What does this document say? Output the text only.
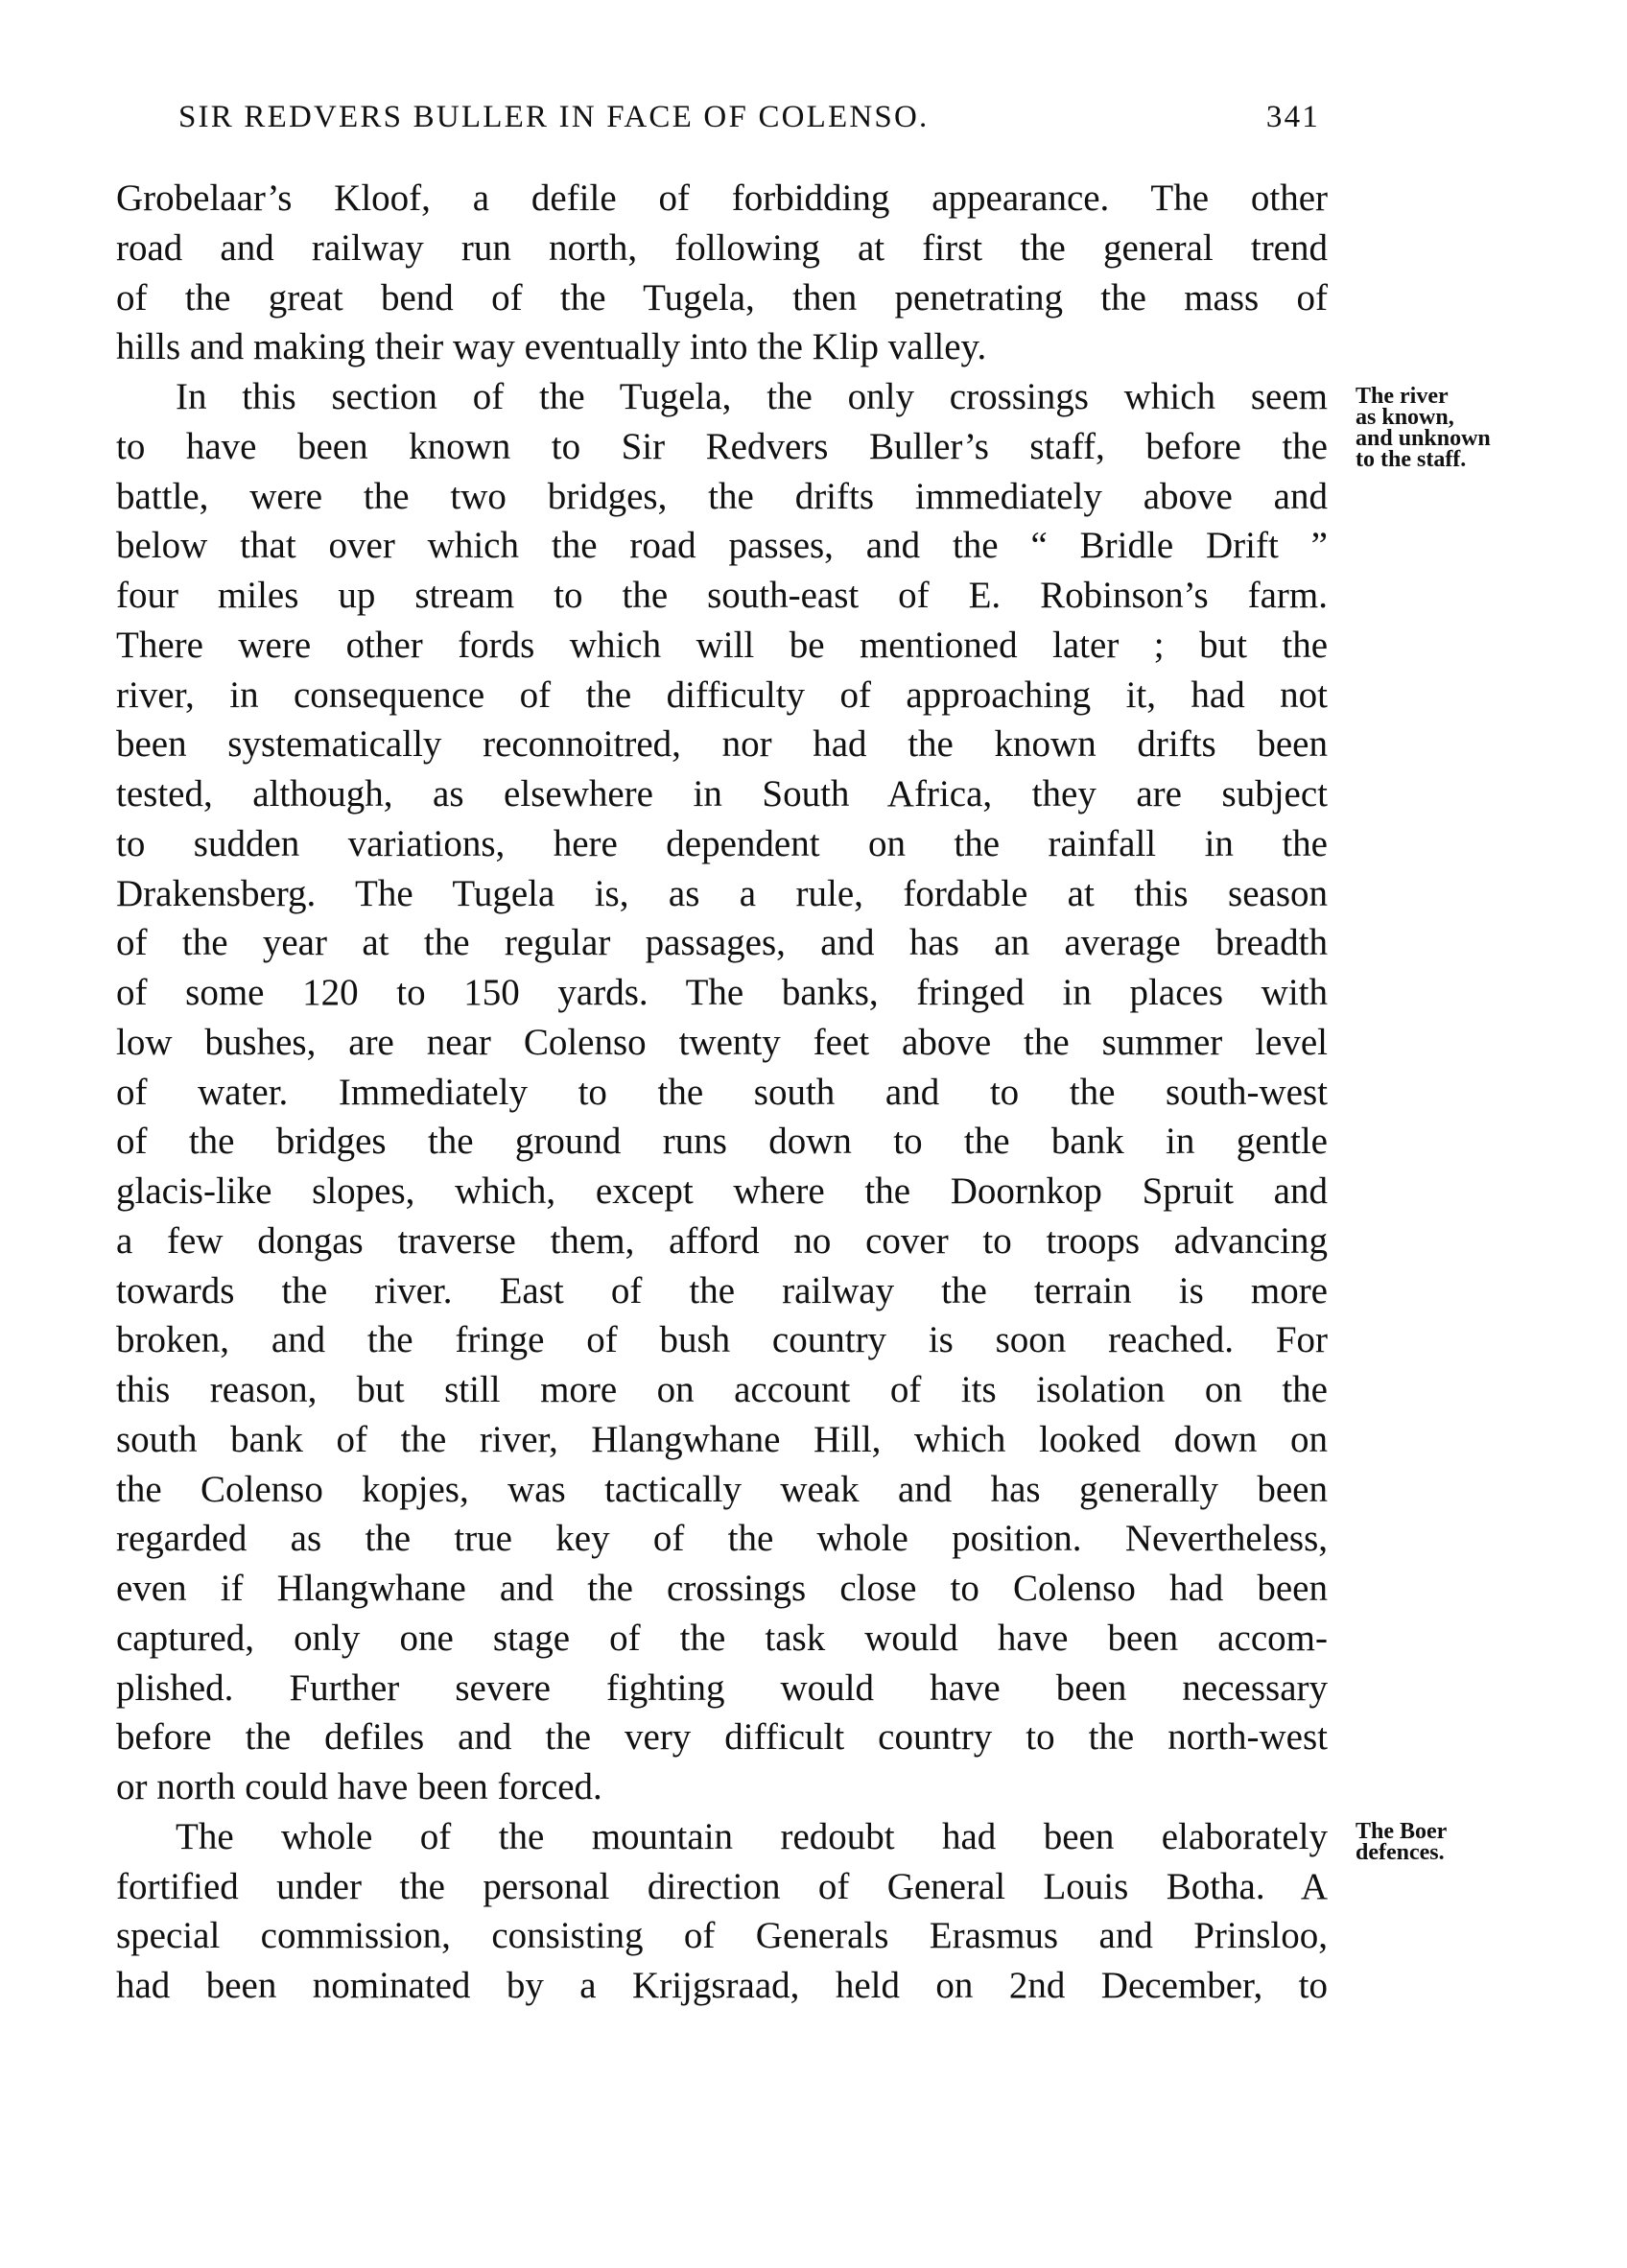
SIR REDVERS BULLER IN FACE OF COLENSO.	341
Grobelaar’s Kloof, a defile of forbidding appearance. The other
road and railway run north, following at first the general trend
of the great bend of the Tugela, then penetrating the mass of
hills and making their way eventually into the Klip valley.
In this section of the Tugela, the only crossings which seem
to have been known to Sir Redvers Buller’s staff, before the
battle, were the two bridges, the drifts immediately above and
below that over which the road passes, and the “ Bridle Drift ”
four miles up stream to the south-east of E. Robinson’s farm.
There were other fords which will be mentioned later ; but the
river, in consequence of the difficulty of approaching it, had not
been systematically reconnoitred, nor had the known drifts been
tested, although, as elsewhere in South Africa, they are subject
to sudden variations, here dependent on the rainfall in the
Drakensberg. The Tugela is, as a rule, fordable at this season
of the year at the regular passages, and has an average breadth
of some 120 to 150 yards. The banks, fringed in places with
low bushes, are near Colenso twenty feet above the summer level
of water. Immediately to the south and to the south-west
of the bridges the ground runs down to the bank in gentle
glacis-like slopes, which, except where the Doornkop Spruit and
a few dongas traverse them, afford no cover to troops advancing
towards the river. East of the railway the terrain is more
broken, and the fringe of bush country is soon reached. For
this reason, but still more on account of its isolation on the
south bank of the river, Hlangwhane Hill, which looked down on
the Colenso kopjes, was tactically weak and has generally been
regarded as the true key of the whole position. Nevertheless,
even if Hlangwhane and the crossings close to Colenso had been
captured, only one stage of the task would have been accom-
plished. Further severe fighting would have been necessary
before the defiles and the very difficult country to the north-west
or north could have been forced.
The whole of the mountain redoubt had been elaborately
fortified under the personal direction of General Louis Botha. A
special commission, consisting of Generals Erasmus and Prinsloo,
had been nominated by a Krijgsraad, held on 2nd December, to
The river
as known,
and unknown
to the staff.
The Boer
defences.
